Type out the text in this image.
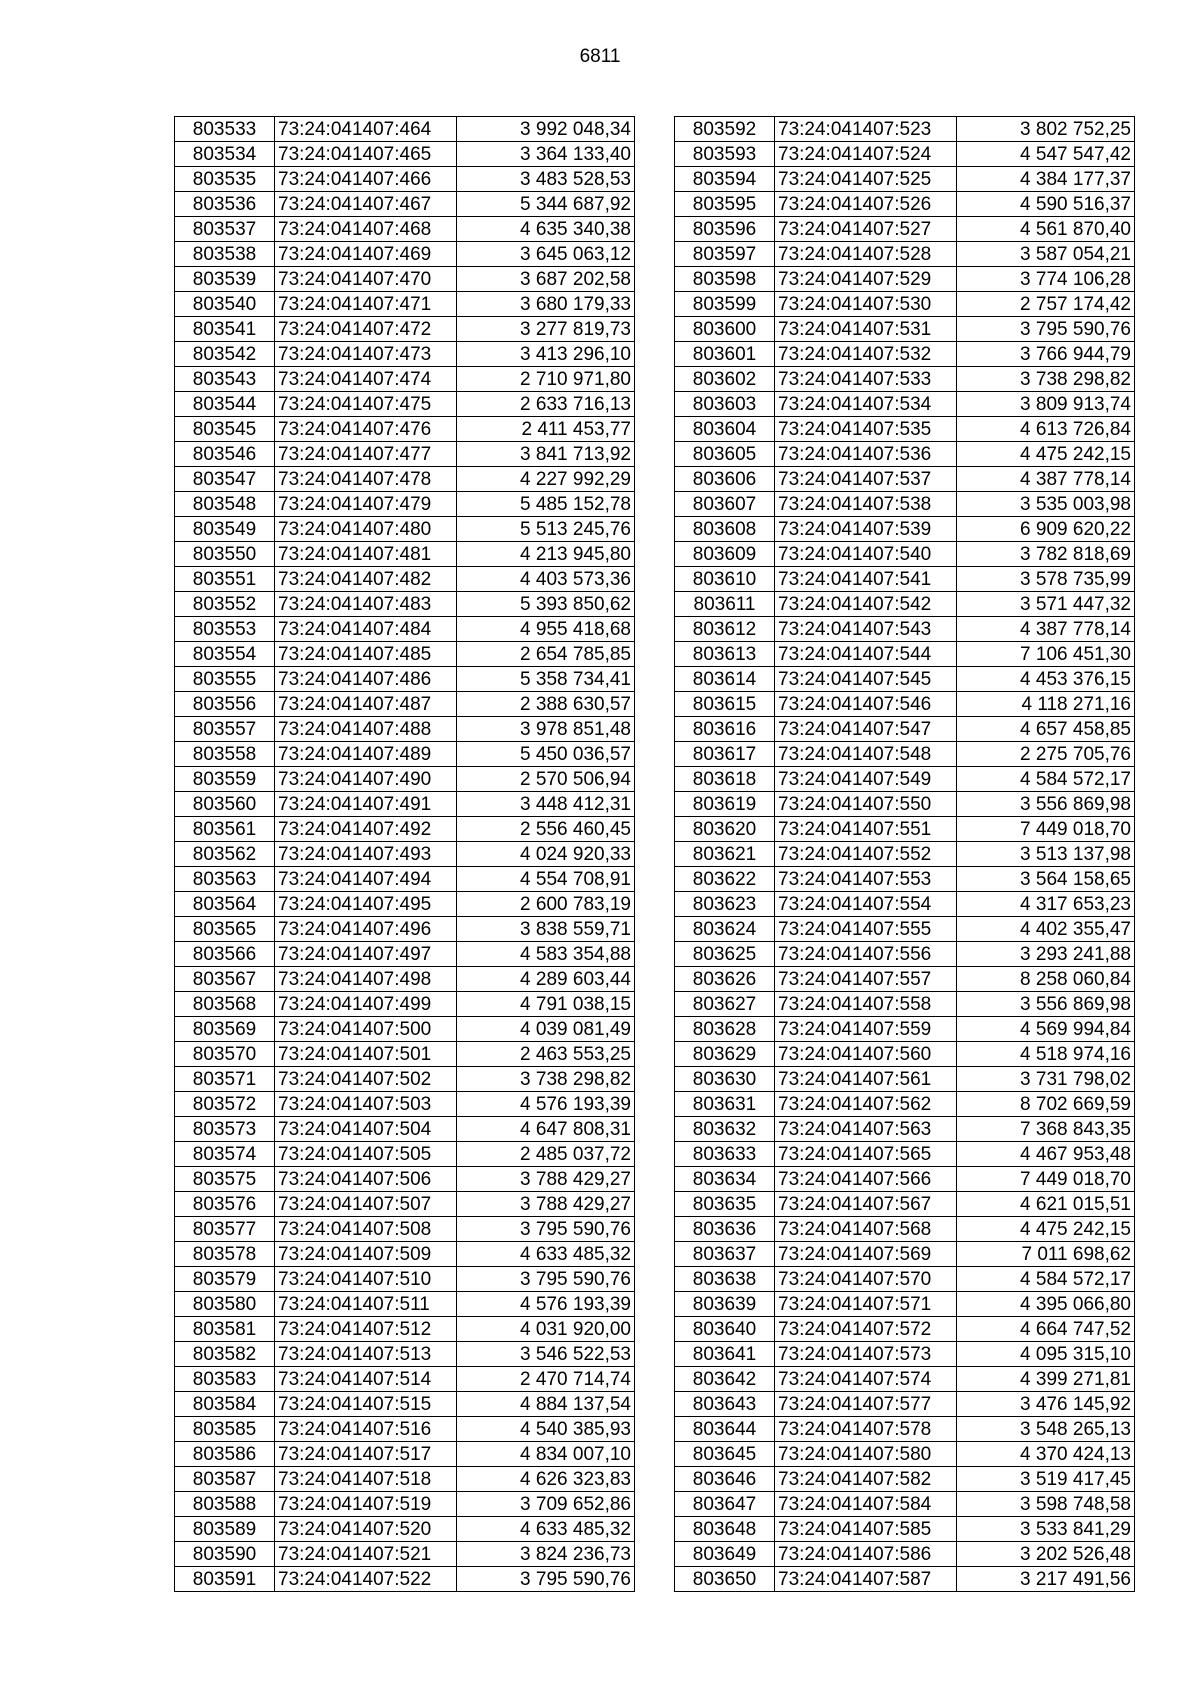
6811
803533	73:24:041407:464	3 992 048,34
803534	73:24:041407:465	3 364 133,40
803535	73:24:041407:466	3 483 528,53
803536	73:24:041407:467	5 344 687,92
803537	73:24:041407:468	4 635 340,38
803538	73:24:041407:469	3 645 063,12
803539	73:24:041407:470	3 687 202,58
803540	73:24:041407:471	3 680 179,33
803541	73:24:041407:472	3 277 819,73
803542	73:24:041407:473	3 413 296,10
803543	73:24:041407:474	2 710 971,80
803544	73:24:041407:475	2 633 716,13
803545	73:24:041407:476	2 411 453,77
803546	73:24:041407:477	3 841 713,92
803547	73:24:041407:478	4 227 992,29
803548	73:24:041407:479	5 485 152,78
803549	73:24:041407:480	5 513 245,76
803550	73:24:041407:481	4 213 945,80
803551	73:24:041407:482	4 403 573,36
803552	73:24:041407:483	5 393 850,62
803553	73:24:041407:484	4 955 418,68
803554	73:24:041407:485	2 654 785,85
803555	73:24:041407:486	5 358 734,41
803556	73:24:041407:487	2 388 630,57
803557	73:24:041407:488	3 978 851,48
803558	73:24:041407:489	5 450 036,57
803559	73:24:041407:490	2 570 506,94
803560	73:24:041407:491	3 448 412,31
803561	73:24:041407:492	2 556 460,45
803562	73:24:041407:493	4 024 920,33
803563	73:24:041407:494	4 554 708,91
803564	73:24:041407:495	2 600 783,19
803565	73:24:041407:496	3 838 559,71
803566	73:24:041407:497	4 583 354,88
803567	73:24:041407:498	4 289 603,44
803568	73:24:041407:499	4 791 038,15
803569	73:24:041407:500	4 039 081,49
803570	73:24:041407:501	2 463 553,25
803571	73:24:041407:502	3 738 298,82
803572	73:24:041407:503	4 576 193,39
803573	73:24:041407:504	4 647 808,31
803574	73:24:041407:505	2 485 037,72
803575	73:24:041407:506	3 788 429,27
803576	73:24:041407:507	3 788 429,27
803577	73:24:041407:508	3 795 590,76
803578	73:24:041407:509	4 633 485,32
803579	73:24:041407:510	3 795 590,76
803580	73:24:041407:511	4 576 193,39
803581	73:24:041407:512	4 031 920,00
803582	73:24:041407:513	3 546 522,53
803583	73:24:041407:514	2 470 714,74
803584	73:24:041407:515	4 884 137,54
803585	73:24:041407:516	4 540 385,93
803586	73:24:041407:517	4 834 007,10
803587	73:24:041407:518	4 626 323,83
803588	73:24:041407:519	3 709 652,86
803589	73:24:041407:520	4 633 485,32
803590	73:24:041407:521	3 824 236,73
803591	73:24:041407:522	3 795 590,76
803592	73:24:041407:523	3 802 752,25
803593	73:24:041407:524	4 547 547,42
803594	73:24:041407:525	4 384 177,37
803595	73:24:041407:526	4 590 516,37
803596	73:24:041407:527	4 561 870,40
803597	73:24:041407:528	3 587 054,21
803598	73:24:041407:529	3 774 106,28
803599	73:24:041407:530	2 757 174,42
803600	73:24:041407:531	3 795 590,76
803601	73:24:041407:532	3 766 944,79
803602	73:24:041407:533	3 738 298,82
803603	73:24:041407:534	3 809 913,74
803604	73:24:041407:535	4 613 726,84
803605	73:24:041407:536	4 475 242,15
803606	73:24:041407:537	4 387 778,14
803607	73:24:041407:538	3 535 003,98
803608	73:24:041407:539	6 909 620,22
803609	73:24:041407:540	3 782 818,69
803610	73:24:041407:541	3 578 735,99
803611	73:24:041407:542	3 571 447,32
803612	73:24:041407:543	4 387 778,14
803613	73:24:041407:544	7 106 451,30
803614	73:24:041407:545	4 453 376,15
803615	73:24:041407:546	4 118 271,16
803616	73:24:041407:547	4 657 458,85
803617	73:24:041407:548	2 275 705,76
803618	73:24:041407:549	4 584 572,17
803619	73:24:041407:550	3 556 869,98
803620	73:24:041407:551	7 449 018,70
803621	73:24:041407:552	3 513 137,98
803622	73:24:041407:553	3 564 158,65
803623	73:24:041407:554	4 317 653,23
803624	73:24:041407:555	4 402 355,47
803625	73:24:041407:556	3 293 241,88
803626	73:24:041407:557	8 258 060,84
803627	73:24:041407:558	3 556 869,98
803628	73:24:041407:559	4 569 994,84
803629	73:24:041407:560	4 518 974,16
803630	73:24:041407:561	3 731 798,02
803631	73:24:041407:562	8 702 669,59
803632	73:24:041407:563	7 368 843,35
803633	73:24:041407:565	4 467 953,48
803634	73:24:041407:566	7 449 018,70
803635	73:24:041407:567	4 621 015,51
803636	73:24:041407:568	4 475 242,15
803637	73:24:041407:569	7 011 698,62
803638	73:24:041407:570	4 584 572,17
803639	73:24:041407:571	4 395 066,80
803640	73:24:041407:572	4 664 747,52
803641	73:24:041407:573	4 095 315,10
803642	73:24:041407:574	4 399 271,81
803643	73:24:041407:577	3 476 145,92
803644	73:24:041407:578	3 548 265,13
803645	73:24:041407:580	4 370 424,13
803646	73:24:041407:582	3 519 417,45
803647	73:24:041407:584	3 598 748,58
803648	73:24:041407:585	3 533 841,29
803649	73:24:041407:586	3 202 526,48
803650	73:24:041407:587	3 217 491,56
